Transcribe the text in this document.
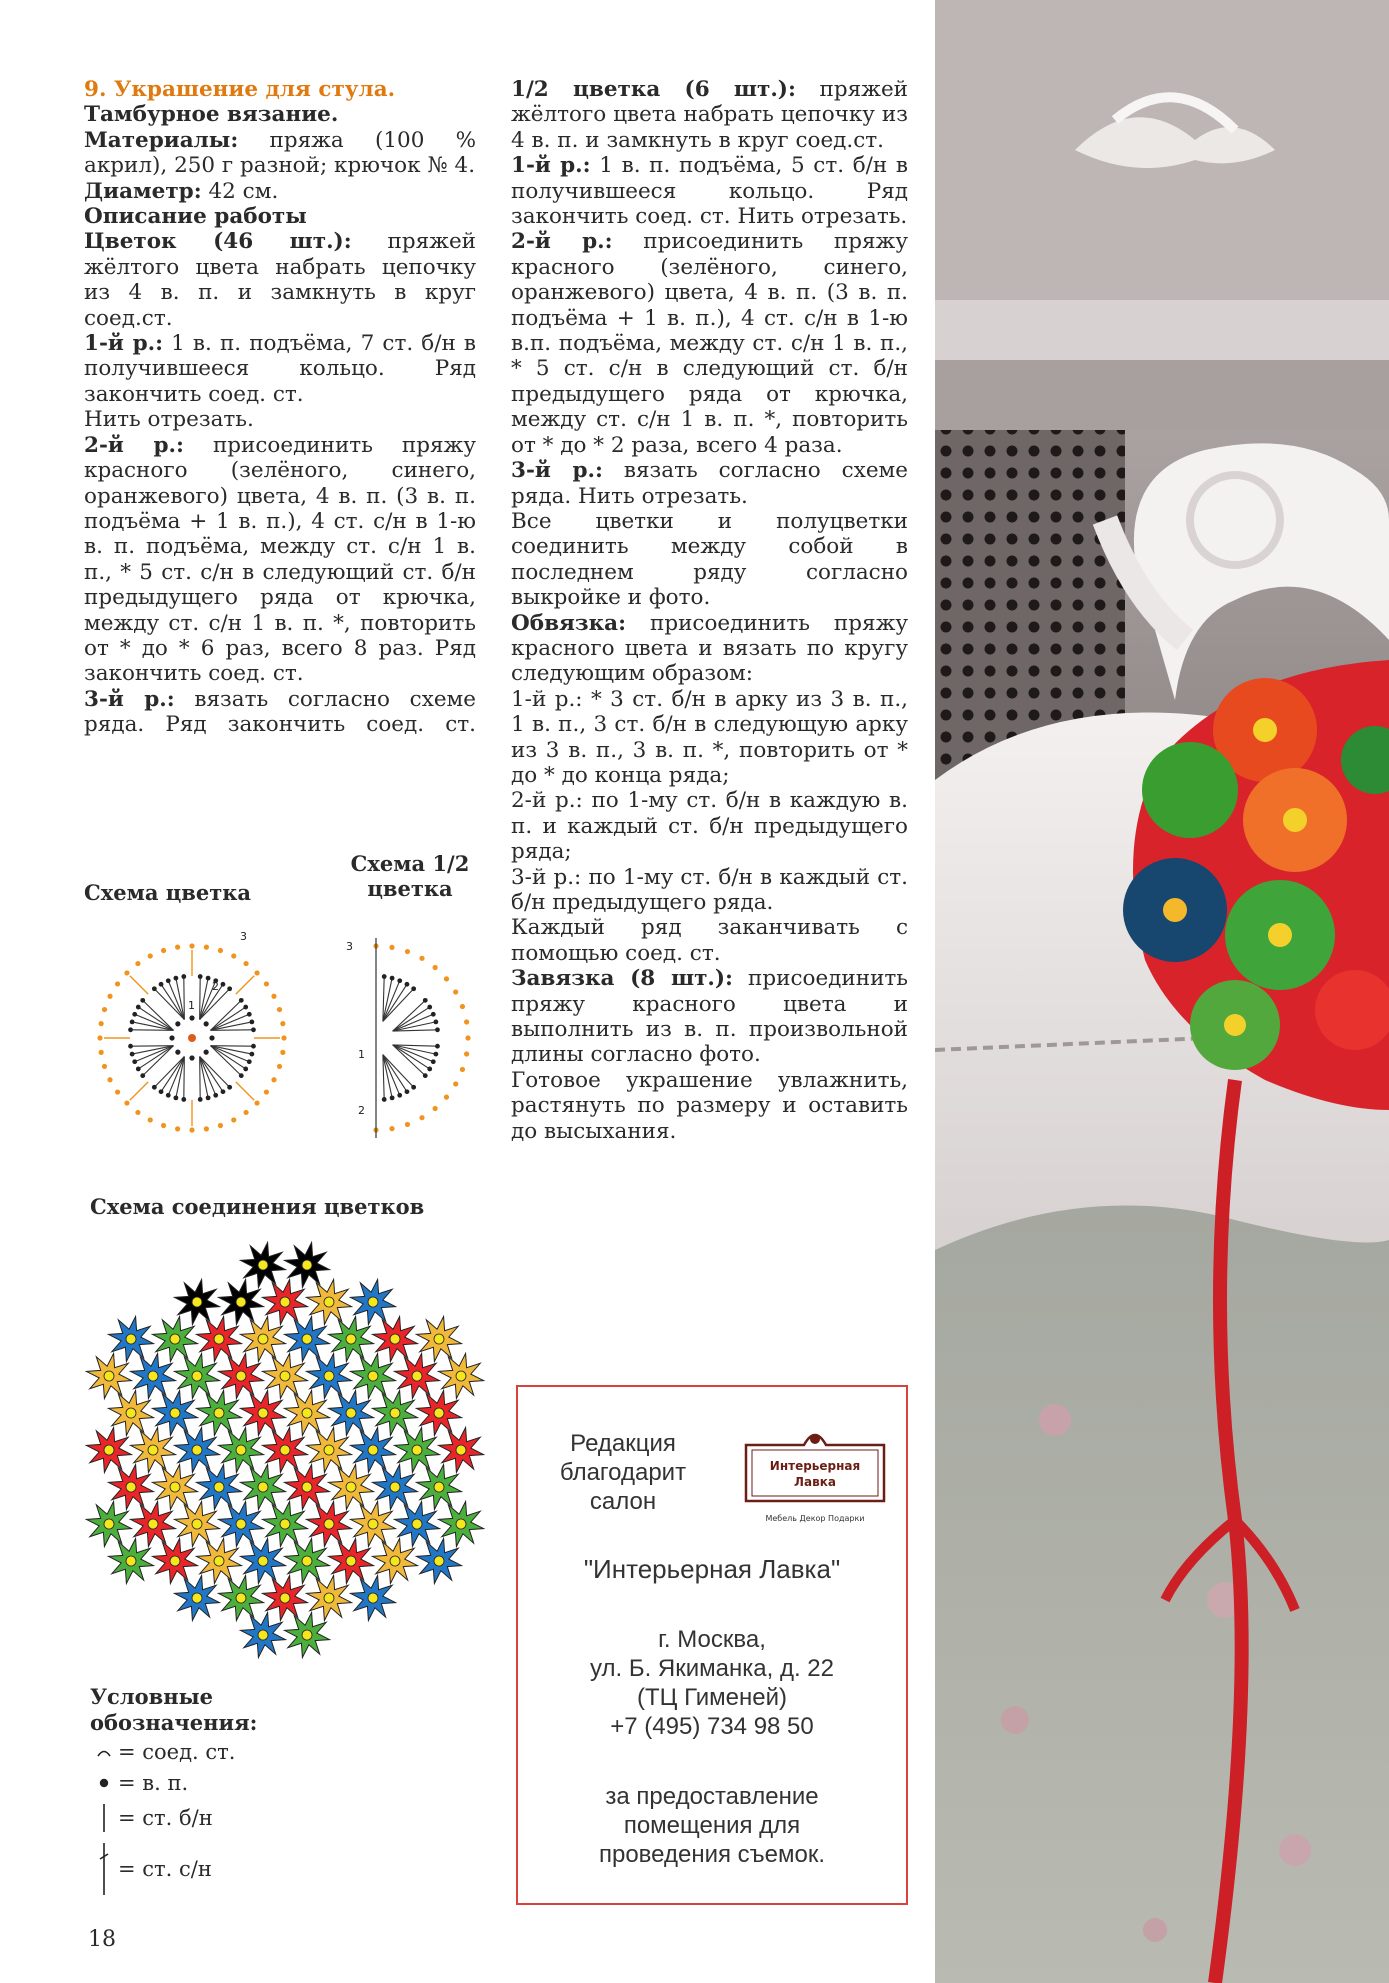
9. Украшение для стула.

Тамбурное вязание.

Материалы: пряжа (100 % акрил), 250 г разной; крючок № 4.

Диаметр: 42 см.

Описание работы

Цветок (46 шт.): пряжей жёлтого цвета набрать цепочку из 4 в. п. и замкнуть в круг соед.ст.

1-й р.: 1 в. п. подъёма, 7 ст. б/н в получившееся кольцо. Ряд закончить соед. ст.

Нить отрезать.

2-й р.: присоединить пряжу красного (зелёного, синего, оранжевого) цвета, 4 в. п. (3 в. п. подъёма + 1 в. п.), 4 ст. с/н в 1-ю в. п. подъёма, между ст. с/н 1 в. п., * 5 ст. с/н в следующий ст. б/н предыдущего ряда от крючка, между ст. с/н 1 в. п. *, повторить от * до * 6 раз, всего 8 раз. Ряд закончить соед. ст.

3-й р.: вязать согласно схеме ряда. Ряд закончить соед. ст.

1/2 цветка (6 шт.): пряжей жёлтого цвета набрать цепочку из 4 в. п. и замкнуть в круг соед.ст.

1-й р.: 1 в. п. подъёма, 5 ст. б/н в получившееся кольцо. Ряд закончить соед. ст. Нить отрезать.

2-й р.: присоединить пряжу красного (зелёного, синего, оранжевого) цвета, 4 в. п. (3 в. п. подъёма + 1 в. п.), 4 ст. с/н в 1-ю в.п. подъёма, между ст. с/н 1 в. п., * 5 ст. с/н в следующий ст. б/н предыдущего ряда от крючка, между ст. с/н 1 в. п. *, повторить от * до * 2 раза, всего 4 раза.

3-й р.: вязать согласно схеме ряда. Нить отрезать.

Все цветки и полуцветки соединить между собой в последнем ряду согласно выкройке и фото.

Обвязка: присоединить пряжу красного цвета и вязать по кругу следующим образом:

1-й р.: * 3 ст. б/н в арку из 3 в. п., 1 в. п., 3 ст. б/н в следующую арку из 3 в. п., 3 в. п. *, повторить от * до * до конца ряда;

2-й р.: по 1-му ст. б/н в каждую в. п. и каждый ст. б/н предыдущего ряда;

3-й р.: по 1-му ст. б/н в каждый ст. б/н предыдущего ряда.

Каждый ряд заканчивать с помощью соед. ст.

Завязка (8 шт.): присоединить пряжу красного цвета и выполнить из в. п. произвольной длины согласно фото.

Готовое украшение увлажнить, растянуть по размеру и оставить до высыхания.

Схема цветка
Схема 1/2 цветка
Схема соединения цветков
1
2
3
1
2
3
Условные
обозначения:
= соед. ст.
= в. п.
= ст. б/н
= ст. с/н
18
Редакция
благодарит
салон
Интерьерная
Лавка
Мебель Декор Подарки
"Интерьерная Лавка"
г. Москва,
ул. Б. Якиманка, д. 22
(ТЦ Гименей)
+7 (495) 734 98 50
за предоставление
помещения для
проведения съемок.
